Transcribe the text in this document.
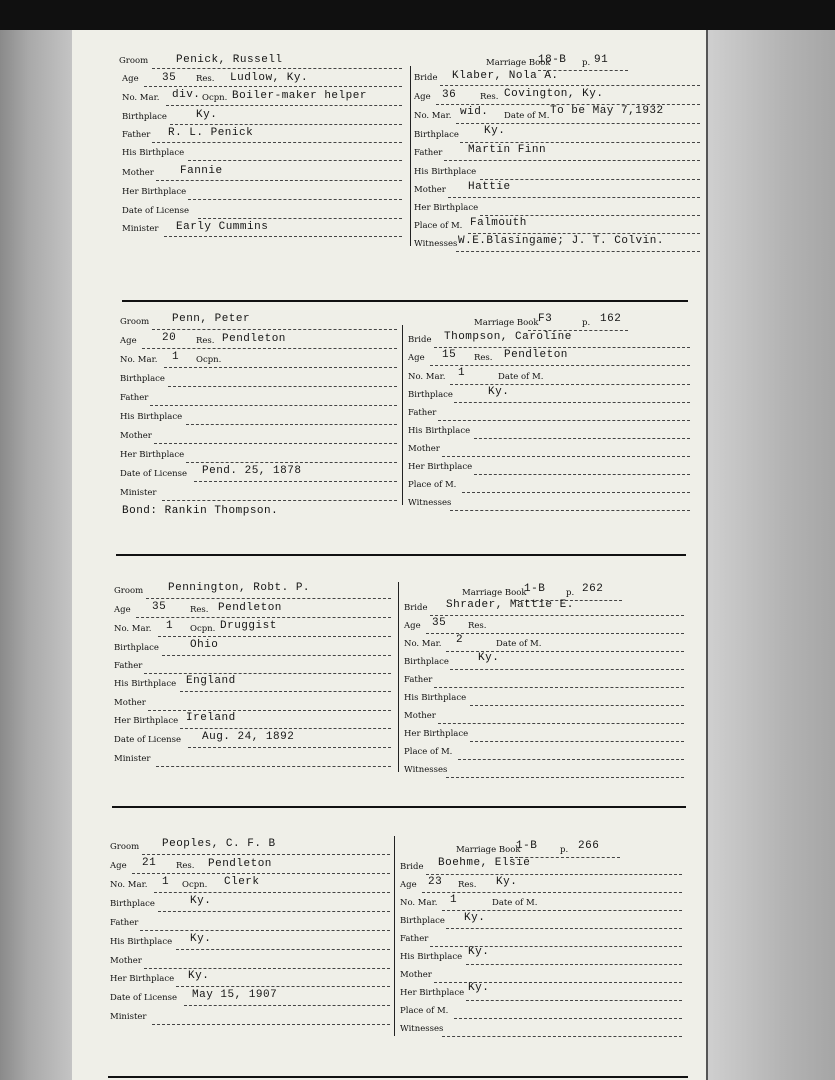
Groom	Penick, Russell
Age 35 Res. Ludlow, Ky.
No. Mar. div. Ocpn. Boiler-maker helper
Birthplace	Ky.
Father R. L. Penick
His Birthplace
Mother Fannie
Her Birthplace
Date of License
Minister Early Cummins
Marriage Book
18-B p. 91
Bride Klaber, Nola A.
Age 36	Res. Covington, Ky.
No. Mar. wid. Date of M. To be May 7,1932
Birthplace Ky.
Father Martin Finn
His Birthplace
Mother Hattie
Her Birthplace
Place of M. Falmouth
Witnesses W.E.Blasingame; J. T. Colvin.
Groom Penn, Peter
Age 20 Res. Pendleton
No. Mar. 1 Ocpn.
Birthplace
Father
His Birthplace
Mother
Her Birthplace
Date of License Pend. 25, 1878
Minister
Bond: Rankin Thompson.
Marriage Book F3	p. 162
Bride Thompson, Caroline
Age 15 Res. Pendleton
No. Mar. 1	Date of M.
Birthplace	Ky.
Father
His Birthplace
Mother
Her Birthplace
Place of M.
Witnesses
Groom Pennington, Robt. P.
Age 35	Res. Pendleton
No. Mar. 1 Ocpn. Druggist
Birthplace	Ohio
Father
His Birthplace England
Mother
Her Birthplace Ireland
Date of License Aug. 24, 1892
Minister
Marriage Book
1-B p. 262
Bride Shrader, Mattie E.
Age 35	Res.
No. Mar. 2	Date of M.
Birthplace	Ky.
Father
His Birthplace
Mother
Her Birthplace
Place of M.
Witnesses
Groom Peoples, C. F. B
Age 21 Res. Pendleton
No. Mar. 1 Ocpn. Clerk
Birthplace	Ky.
Father
His Birthplace Ky.
Mother
Her Birthplace Ky.
Date of License May 15, 1907
Minister
Marriage Book
1-B	p. 266
Bride Boehme, Elsie
Age 23 Res. Ky.
No. Mar. 1	Date of M.
Birthplace Ky.
Father
His Birthplace Ky.
Mother
Her Birthplace Ky.
Place of M.
Witnesses
